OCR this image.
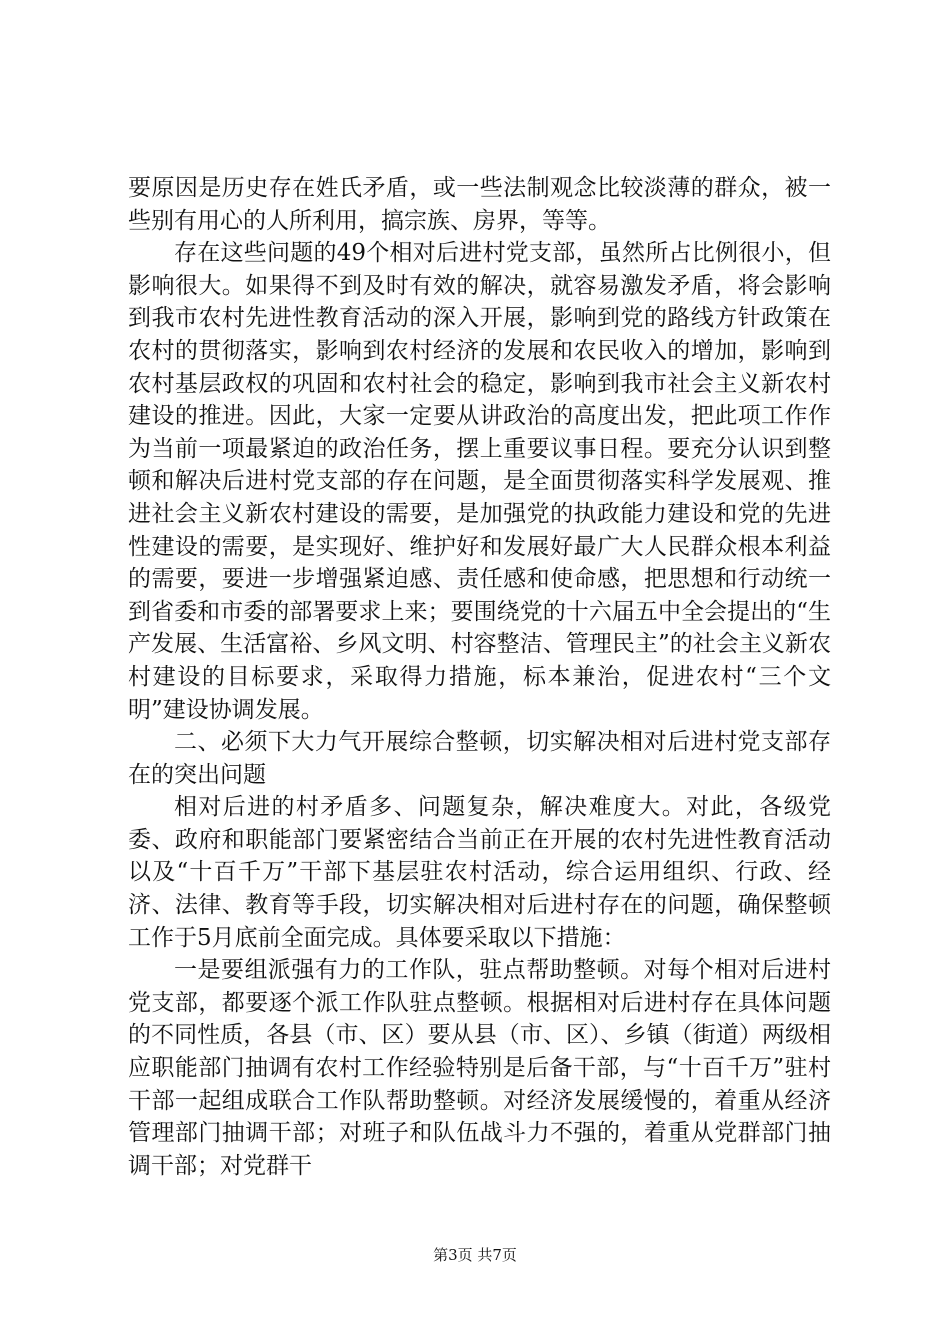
要原因是历史存在姓氏矛盾，或一些法制观念比较淡薄的群众，被一些别有用心的人所利用，搞宗族、房界，等等。

存在这些问题的49个相对后进村党支部，虽然所占比例很小，但影响很大。如果得不到及时有效的解决，就容易激发矛盾，将会影响到我市农村先进性教育活动的深入开展，影响到党的路线方针政策在农村的贯彻落实，影响到农村经济的发展和农民收入的增加，影响到农村基层政权的巩固和农村社会的稳定，影响到我市社会主义新农村建设的推进。因此，大家一定要从讲政治的高度出发，把此项工作作为当前一项最紧迫的政治任务，摆上重要议事日程。要充分认识到整顿和解决后进村党支部的存在问题，是全面贯彻落实科学发展观、推进社会主义新农村建设的需要，是加强党的执政能力建设和党的先进性建设的需要，是实现好、维护好和发展好最广大人民群众根本利益的需要，要进一步增强紧迫感、责任感和使命感，把思想和行动统一到省委和市委的部署要求上来；要围绕党的十六届五中全会提出的“生产发展、生活富裕、乡风文明、村容整洁、管理民主”的社会主义新农村建设的目标要求，采取得力措施，标本兼治，促进农村“三个文明”建设协调发展。

二、必须下大力气开展综合整顿，切实解决相对后进村党支部存在的突出问题

相对后进的村矛盾多、问题复杂，解决难度大。对此，各级党委、政府和职能部门要紧密结合当前正在开展的农村先进性教育活动以及“十百千万”干部下基层驻农村活动，综合运用组织、行政、经济、法律、教育等手段，切实解决相对后进村存在的问题，确保整顿工作于5月底前全面完成。具体要采取以下措施：

一是要组派强有力的工作队，驻点帮助整顿。对每个相对后进村党支部，都要逐个派工作队驻点整顿。根据相对后进村存在具体问题的不同性质，各县（市、区）要从县（市、区）、乡镇（街道）两级相应职能部门抽调有农村工作经验特别是后备干部，与“十百千万”驻村干部一起组成联合工作队帮助整顿。对经济发展缓慢的，着重从经济管理部门抽调干部；对班子和队伍战斗力不强的，着重从党群部门抽调干部；对党群干

第3页 共7页
